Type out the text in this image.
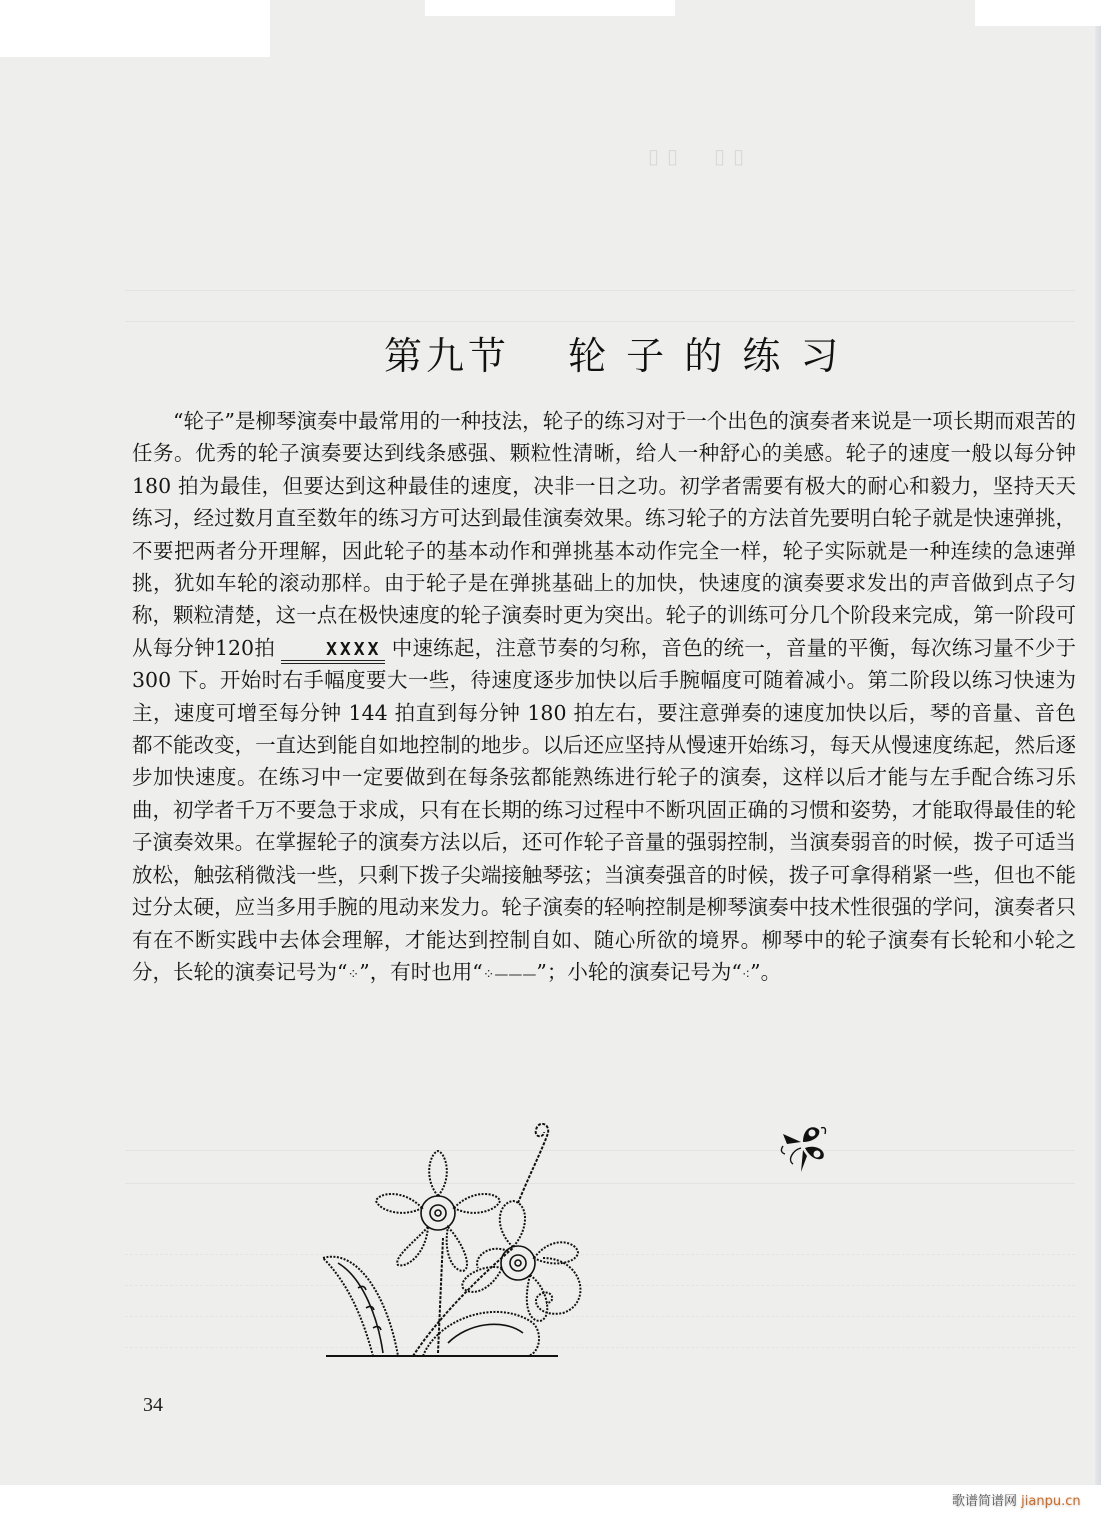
▯▯　▯▯
第九节　 轮 子 的 练 习
“轮子”是柳琴演奏中最常用的一种技法，轮子的练习对于一个出色的演奏者来说是一项长期而艰苦的任务。优秀的轮子演奏要达到线条感强、颗粒性清晰，给人一种舒心的美感。轮子的速度一般以每分钟 180 拍为最佳，但要达到这种最佳的速度，决非一日之功。初学者需要有极大的耐心和毅力，坚持天天练习，经过数月直至数年的练习方可达到最佳演奏效果。练习轮子的方法首先要明白轮子就是快速弹挑，不要把两者分开理解，因此轮子的基本动作和弹挑基本动作完全一样，轮子实际就是一种连续的急速弹挑，犹如车轮的滚动那样。由于轮子是在弹挑基础上的加快，快速度的演奏要求发出的声音做到点子匀称，颗粒清楚，这一点在极快速度的轮子演奏时更为突出。轮子的训练可分几个阶段来完成，第一阶段可从每分钟120拍	XXXX 中速练起，注意节奏的匀称，音色的统一，音量的平衡，每次练习量不少于 300 下。开始时右手幅度要大一些，待速度逐步加快以后手腕幅度可随着减小。第二阶段以练习快速为主，速度可增至每分钟 144 拍直到每分钟 180 拍左右，要注意弹奏的速度加快以后，琴的音量、音色都不能改变，一直达到能自如地控制的地步。以后还应坚持从慢速开始练习，每天从慢速度练起，然后逐步加快速度。在练习中一定要做到在每条弦都能熟练进行轮子的演奏，这样以后才能与左手配合练习乐曲，初学者千万不要急于求成，只有在长期的练习过程中不断巩固正确的习惯和姿势，才能取得最佳的轮子演奏效果。在掌握轮子的演奏方法以后，还可作轮子音量的强弱控制，当演奏弱音的时候，拨子可适当放松，触弦稍微浅一些，只剩下拨子尖端接触琴弦；当演奏强音的时候，拨子可拿得稍紧一些，但也不能过分太硬，应当多用手腕的甩动来发力。轮子演奏的轻响控制是柳琴演奏中技术性很强的学问，演奏者只有在不断实践中去体会理解，才能达到控制自如、随心所欲的境界。柳琴中的轮子演奏有长轮和小轮之分，长轮的演奏记号为“⁘”，有时也用“⁘———”；小轮的演奏记号为“⁖”。
34
歌谱简谱网 jianpu.cn
